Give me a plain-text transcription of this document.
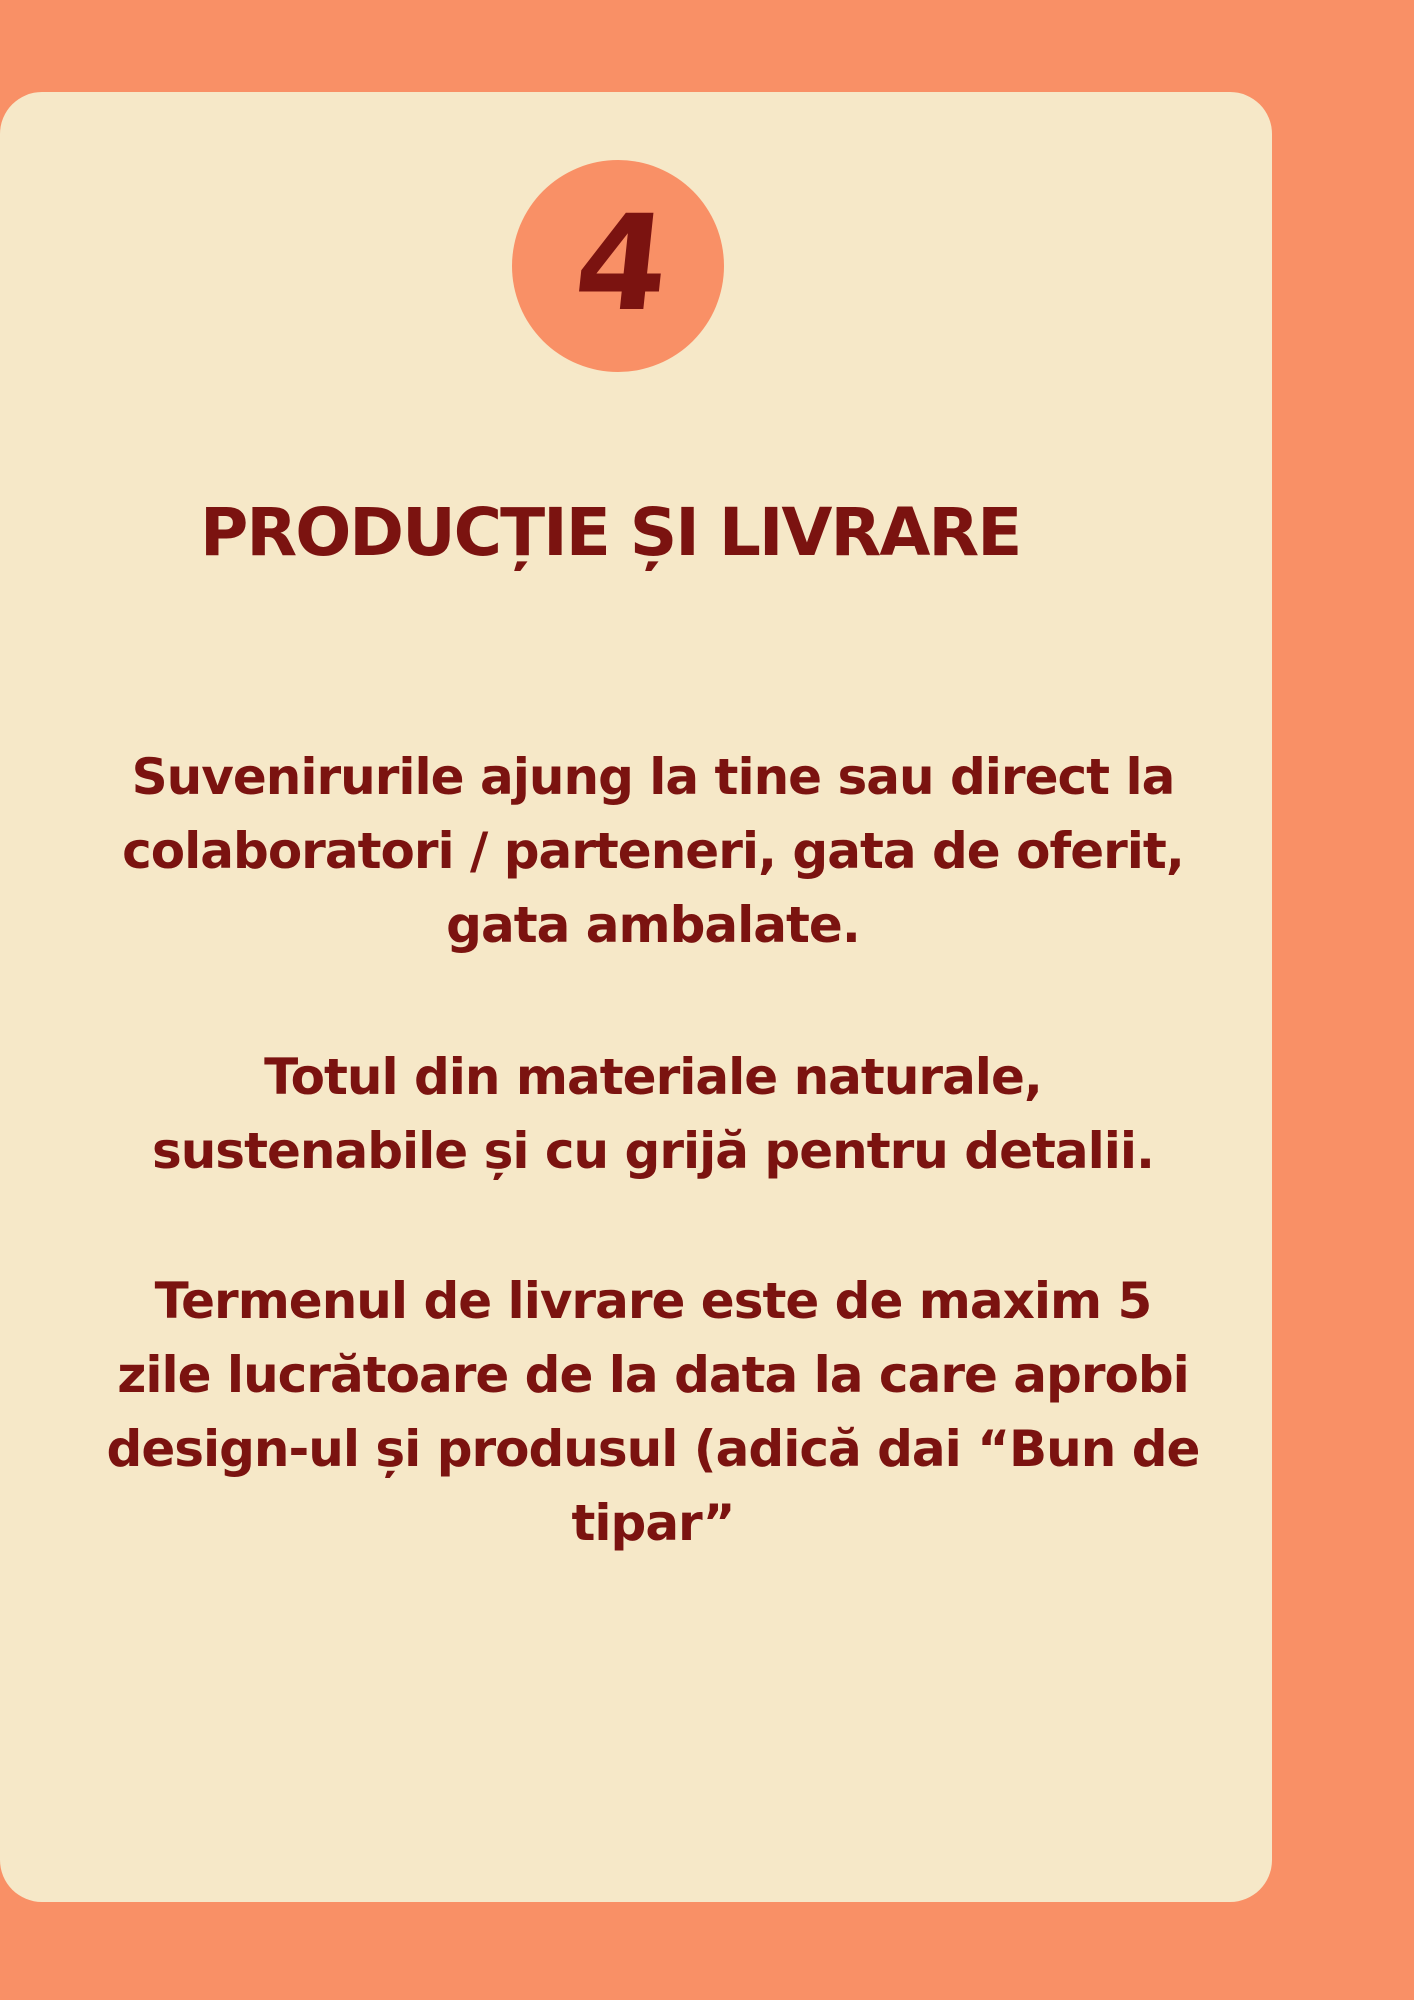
4
PRODUCȚIE ȘI LIVRARE

Suvenirurile ajung la tine sau direct la
colaboratori / parteneri, gata de oferit,
gata ambalate.

Totul din materiale naturale,
sustenabile și cu grijă pentru detalii.

Termenul de livrare este de maxim 5
zile lucrătoare de la data la care aprobi
design-ul și produsul (adică dai “Bun de
tipar”
